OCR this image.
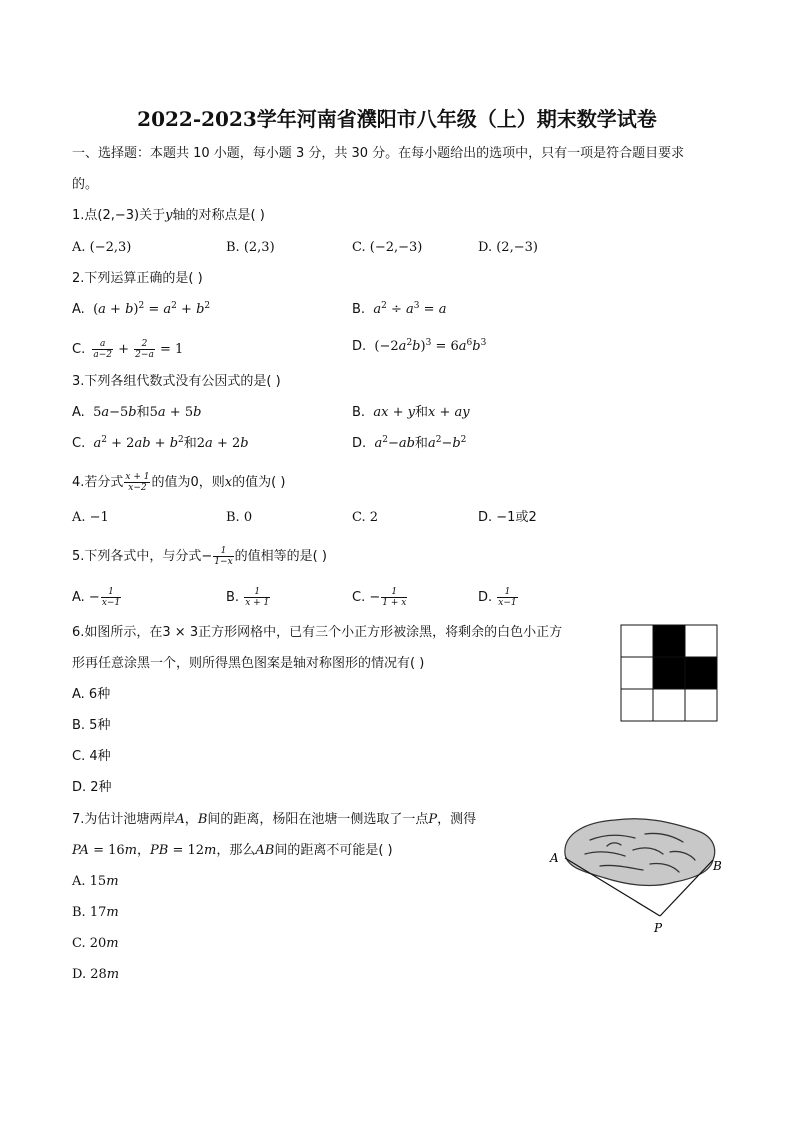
2022-2023学年河南省濮阳市八年级（上）期末数学试卷
一、选择题：本题共 10 小题，每小题 3 分，共 30 分。在每小题给出的选项中，只有一项是符合题目要求
的。
1.点(2,−3)关于y轴的对称点是( )
A. (−2,3)	B. (2,3)	C. (−2,−3)	D. (2,−3)
2.下列运算正确的是( )
A.  $(a + b)^2 = a^2 + b^2$	B. $a^2 \div a^3 = a$
C. $\frac{a}{a-2} + \frac{2}{2-a} = 1$	D.  $(-2a^2b)^3 = 6a^6b^3$
3.下列各组代数式没有公因式的是( )
A.  5a−5b和5a + 5b	B. ax + y和x + ay
C. $a^2 + 2ab + b^2$和2a + 2b	D. $a^2-ab$和$a^2-b^2$
4.若分式 $\frac{x + 1}{x-2}$ 的值为0，则x的值为( )
A. −1	B. 0	C. 2	D. −1或2
5.下列各式中，与分式− $\frac{1}{1-x}$ 的值相等的是( )
A. − $\frac{1}{x-1}$	B. $\frac{1}{x + 1}$	C. − $\frac{1}{1 + x}$	D. $\frac{1}{x-1}$
6.如图所示，在3 × 3正方形网格中，已有三个小正方形被涂黑，将剩余的白色小正方
形再任意涂黑一个，则所得黑色图案是轴对称图形的情况有( )
A. 6种
B. 5种
C. 4种
D. 2种
7.为估计池塘两岸A，B间的距离，杨阳在池塘一侧选取了一点P，测得
PA = 16m，PB = 12m，那么AB间的距离不可能是( )
A. 15m
B. 17m
C. 20m
D. 28m
A
B
P
